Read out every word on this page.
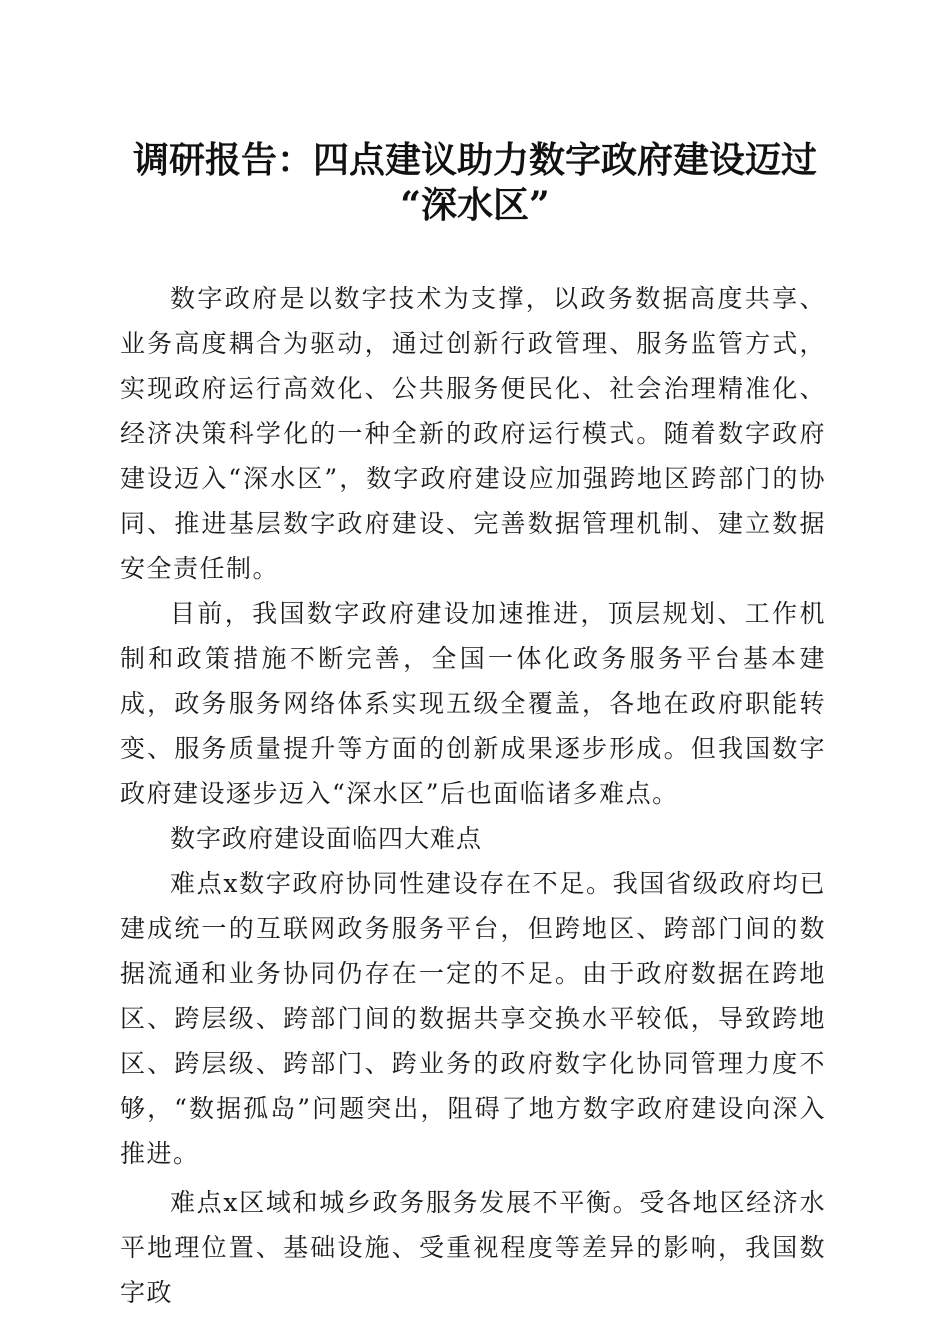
调研报告：四点建议助力数字政府建设迈过
“深水区”

数字政府是以数字技术为支撑，以政务数据高度共享、业务高度耦合为驱动，通过创新行政管理、服务监管方式，实现政府运行高效化、公共服务便民化、社会治理精准化、经济决策科学化的一种全新的政府运行模式。随着数字政府建设迈入“深水区”，数字政府建设应加强跨地区跨部门的协同、推进基层数字政府建设、完善数据管理机制、建立数据安全责任制。

目前，我国数字政府建设加速推进，顶层规划、工作机制和政策措施不断完善，全国一体化政务服务平台基本建成，政务服务网络体系实现五级全覆盖，各地在政府职能转变、服务质量提升等方面的创新成果逐步形成。但我国数字政府建设逐步迈入“深水区”后也面临诸多难点。

数字政府建设面临四大难点

难点x数字政府协同性建设存在不足。我国省级政府均已建成统一的互联网政务服务平台，但跨地区、跨部门间的数据流通和业务协同仍存在一定的不足。由于政府数据在跨地区、跨层级、跨部门间的数据共享交换水平较低，导致跨地区、跨层级、跨部门、跨业务的政府数字化协同管理力度不够，“数据孤岛”问题突出，阻碍了地方数字政府建设向深入推进。

难点x区域和城乡政务服务发展不平衡。受各地区经济水平地理位置、基础设施、受重视程度等差异的影响，我国数字政
